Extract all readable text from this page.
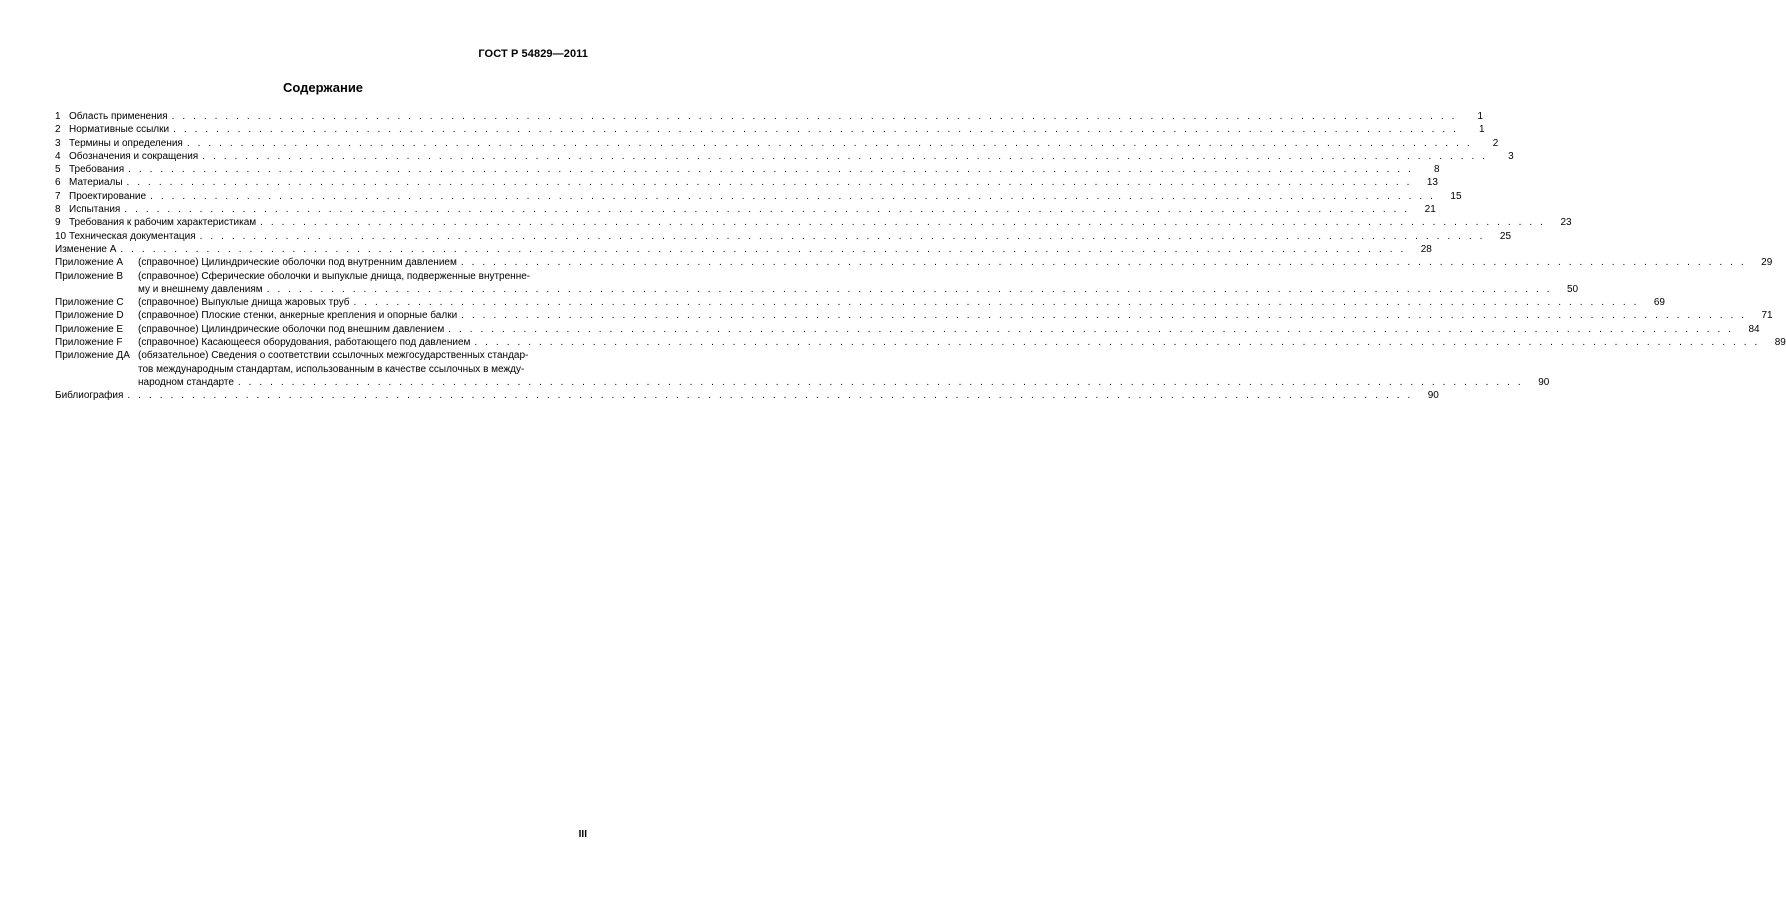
ГОСТ Р 54829—2011
Содержание
1 Область применения . . . . . . . . . . . . . . . . . . . . . . . . . . . . . . . . . . . . . . . . . . . . . . . . . . . . . . . . . . . . . . . . . . . . . . . . . . . . . . . . . . . . . . . . . . . . . . . . . . . . . . . . . . . . . . . . . . . . . . . .	1
2 Нормативные ссылки . . . . . . . . . . . . . . . . . . . . . . . . . . . . . . . . . . . . . . . . . . . . . . . . . . . . . . . . . . . . . . . . . . . . . . . . . . . . . . . . . . . . . . . . . . . . . . . . . . . . . . . . . . . . . . . . . . . . . . . .	1
3 Термины и определения . . . . . . . . . . . . . . . . . . . . . . . . . . . . . . . . . . . . . . . . . . . . . . . . . . . . . . . . . . . . . . . . . . . . . . . . . . . . . . . . . . . . . . . . . . . . . . . . . . . . . . . . . . . . . . . . . . . . . . . .	2
4 Обозначения и сокращения . . . . . . . . . . . . . . . . . . . . . . . . . . . . . . . . . . . . . . . . . . . . . . . . . . . . . . . . . . . . . . . . . . . . . . . . . . . . . . . . . . . . . . . . . . . . . . . . . . . . . . . . . . . . . . . . . . . . . . . .	3
5 Требования . . . . . . . . . . . . . . . . . . . . . . . . . . . . . . . . . . . . . . . . . . . . . . . . . . . . . . . . . . . . . . . . . . . . . . . . . . . . . . . . . . . . . . . . . . . . . . . . . . . . . . . . . . . . . . . . . . . . . . . .	8
6 Материалы . . . . . . . . . . . . . . . . . . . . . . . . . . . . . . . . . . . . . . . . . . . . . . . . . . . . . . . . . . . . . . . . . . . . . . . . . . . . . . . . . . . . . . . . . . . . . . . . . . . . . . . . . . . . . . . . . . . . . . . .	13
7 Проектирование . . . . . . . . . . . . . . . . . . . . . . . . . . . . . . . . . . . . . . . . . . . . . . . . . . . . . . . . . . . . . . . . . . . . . . . . . . . . . . . . . . . . . . . . . . . . . . . . . . . . . . . . . . . . . . . . . . . . . . . .	15
8 Испытания . . . . . . . . . . . . . . . . . . . . . . . . . . . . . . . . . . . . . . . . . . . . . . . . . . . . . . . . . . . . . . . . . . . . . . . . . . . . . . . . . . . . . . . . . . . . . . . . . . . . . . . . . . . . . . . . . . . . . . . .	21
9 Требования к рабочим характеристикам . . . . . . . . . . . . . . . . . . . . . . . . . . . . . . . . . . . . . . . . . . . . . . . . . . . . . . . . . . . . . . . . . . . . . . . . . . . . . . . . . . . . . . . . . . . . . . . . . . . . . . . . . . . . . . . . . . . . . . . .	23
10 Техническая документация . . . . . . . . . . . . . . . . . . . . . . . . . . . . . . . . . . . . . . . . . . . . . . . . . . . . . . . . . . . . . . . . . . . . . . . . . . . . . . . . . . . . . . . . . . . . . . . . . . . . . . . . . . . . . . . . . . . . . . . .	25
Изменение А . . . . . . . . . . . . . . . . . . . . . . . . . . . . . . . . . . . . . . . . . . . . . . . . . . . . . . . . . . . . . . . . . . . . . . . . . . . . . . . . . . . . . . . . . . . . . . . . . . . . . . . . . . . . . . . . . . . . . . . .	28
Приложение А	(справочное) Цилиндрические оболочки под внутренним давлением . . . . . . . . . . . . . . . . . . . . . . . . . . . . . . . . . . . . . . . . . . . . . . . . . . . . . . . . . . . . . . . . . . . . . . . . . . . . . . . . . . . . . . . . . . . . . . . . . . . . . . . . . . . . . . . . . . . . . . . .	29
Приложение В	(справочное) Сферические оболочки и выпуклые днища, подверженные внутренне-
му и внешнему давлениям . . . . . . . . . . . . . . . . . . . . . . . . . . . . . . . . . . . . . . . . . . . . . . . . . . . . . . . . . . . . . . . . . . . . . . . . . . . . . . . . . . . . . . . . . . . . . . . . . . . . . . . . . . . . . . . . . . . . . . . .	50
Приложение С	(справочное) Выпуклые днища жаровых труб . . . . . . . . . . . . . . . . . . . . . . . . . . . . . . . . . . . . . . . . . . . . . . . . . . . . . . . . . . . . . . . . . . . . . . . . . . . . . . . . . . . . . . . . . . . . . . . . . . . . . . . . . . . . . . . . . . . . . . . .	69
Приложение D	(справочное) Плоские стенки, анкерные крепления и опорные балки . . . . . . . . . . . . . . . . . . . . . . . . . . . . . . . . . . . . . . . . . . . . . . . . . . . . . . . . . . . . . . . . . . . . . . . . . . . . . . . . . . . . . . . . . . . . . . . . . . . . . . . . . . . . . . . . . . . . . . . .	71
Приложение Е	(справочное) Цилиндрические оболочки под внешним давлением . . . . . . . . . . . . . . . . . . . . . . . . . . . . . . . . . . . . . . . . . . . . . . . . . . . . . . . . . . . . . . . . . . . . . . . . . . . . . . . . . . . . . . . . . . . . . . . . . . . . . . . . . . . . . . . . . . . . . . . .	84
Приложение F	(справочное) Касающееся оборудования, работающего под давлением . . . . . . . . . . . . . . . . . . . . . . . . . . . . . . . . . . . . . . . . . . . . . . . . . . . . . . . . . . . . . . . . . . . . . . . . . . . . . . . . . . . . . . . . . . . . . . . . . . . . . . . . . . . . . . . . . . . . . . . .	89
Приложение ДА (обязательное) Сведения о соответствии ссылочных межгосударственных стандар-
тов международным стандартам, использованным в качестве ссылочных в между-
народном стандарте . . . . . . . . . . . . . . . . . . . . . . . . . . . . . . . . . . . . . . . . . . . . . . . . . . . . . . . . . . . . . . . . . . . . . . . . . . . . . . . . . . . . . . . . . . . . . . . . . . . . . . . . . . . . . . . . . . . . . . . .	90
Библиография . . . . . . . . . . . . . . . . . . . . . . . . . . . . . . . . . . . . . . . . . . . . . . . . . . . . . . . . . . . . . . . . . . . . . . . . . . . . . . . . . . . . . . . . . . . . . . . . . . . . . . . . . . . . . . . . . . . . . . . .	90
III
